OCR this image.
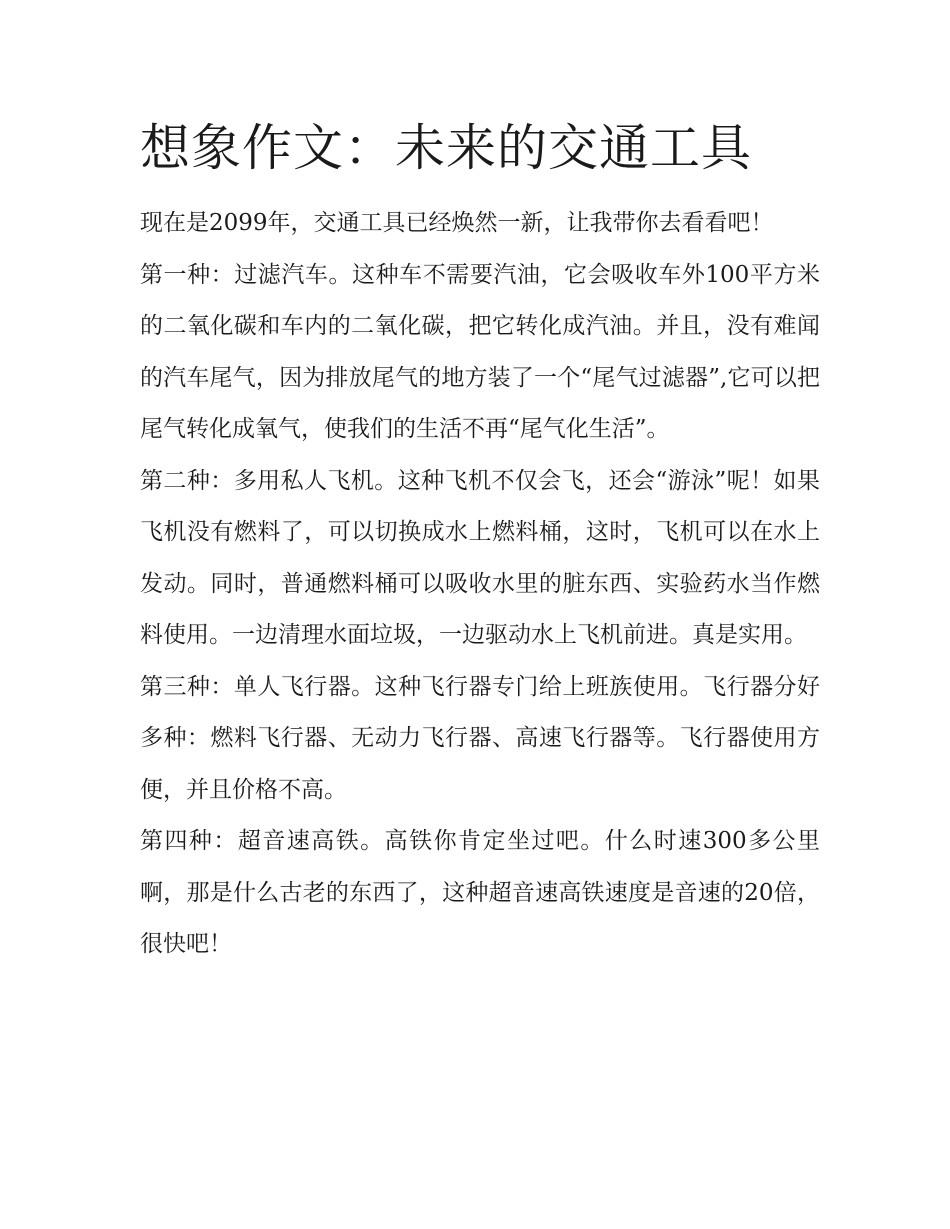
想象作文：未来的交通工具

现在是2099年，交通工具已经焕然一新，让我带你去看看吧！

第一种：过滤汽车。这种车不需要汽油，它会吸收车外100平方米的二氧化碳和车内的二氧化碳，把它转化成汽油。并且，没有难闻的汽车尾气，因为排放尾气的地方装了一个“尾气过滤器”,它可以把尾气转化成氧气，使我们的生活不再“尾气化生活”。

第二种：多用私人飞机。这种飞机不仅会飞，还会“游泳”呢！如果飞机没有燃料了，可以切换成水上燃料桶，这时，飞机可以在水上发动。同时，普通燃料桶可以吸收水里的脏东西、实验药水当作燃料使用。一边清理水面垃圾，一边驱动水上飞机前进。真是实用。

第三种：单人飞行器。这种飞行器专门给上班族使用。飞行器分好多种：燃料飞行器、无动力飞行器、高速飞行器等。飞行器使用方便，并且价格不高。

第四种：超音速高铁。高铁你肯定坐过吧。什么时速300多公里啊，那是什么古老的东西了，这种超音速高铁速度是音速的20倍，很快吧！
